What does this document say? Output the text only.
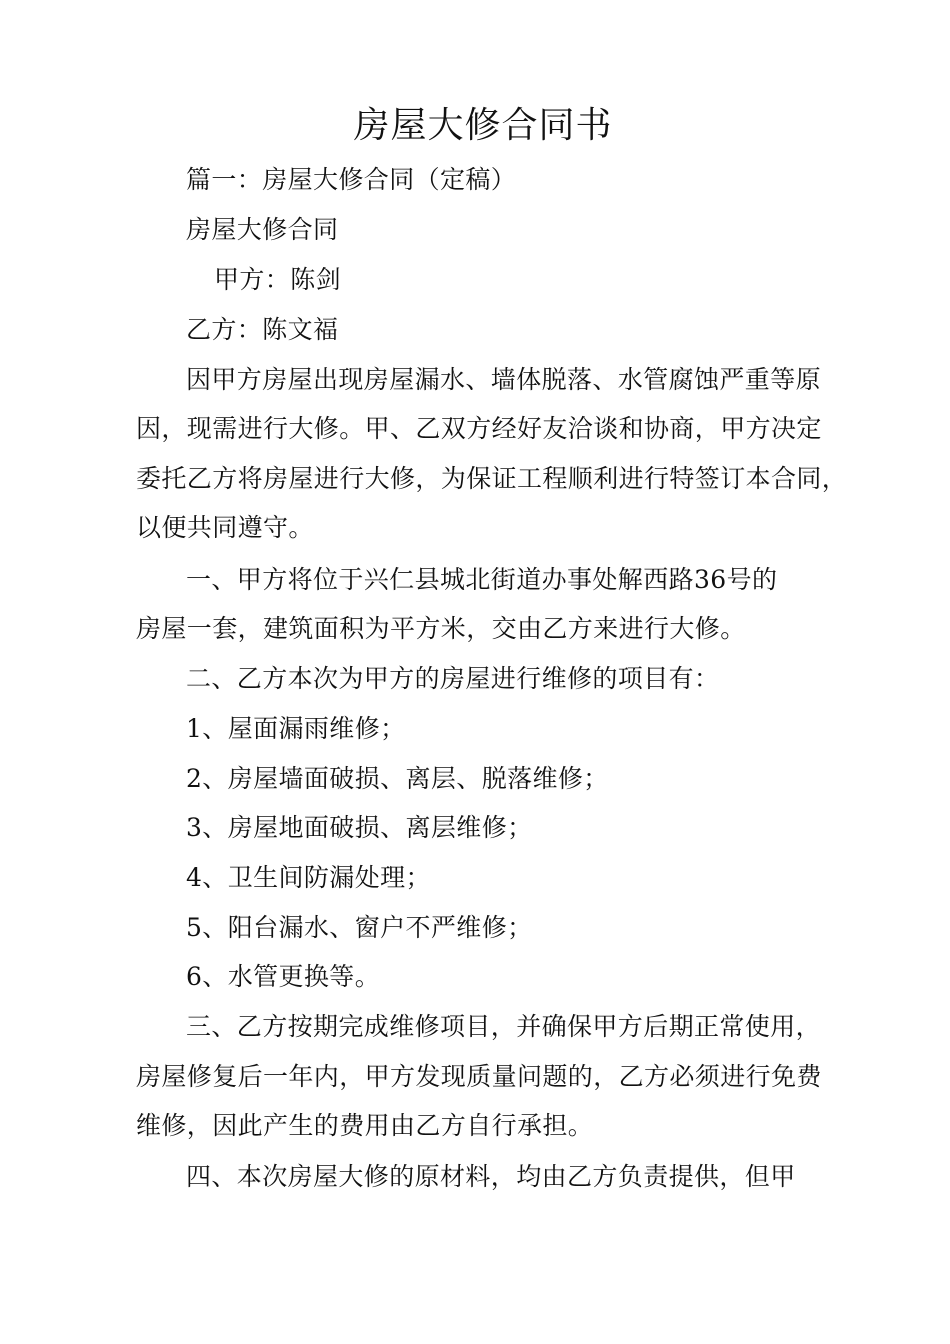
房屋大修合同书
篇一：房屋大修合同（定稿）
房屋大修合同
甲方：陈剑
乙方：陈文福
因甲方房屋出现房屋漏水、墙体脱落、水管腐蚀严重等原
因，现需进行大修。甲、乙双方经好友洽谈和协商，甲方决定
委托乙方将房屋进行大修，为保证工程顺利进行特签订本合同，
以便共同遵守。
一、甲方将位于兴仁县城北街道办事处解西路36号的
房屋一套，建筑面积为平方米，交由乙方来进行大修。
二、乙方本次为甲方的房屋进行维修的项目有：
1、屋面漏雨维修；
2、房屋墙面破损、离层、脱落维修；
3、房屋地面破损、离层维修；
4、卫生间防漏处理；
5、阳台漏水、窗户不严维修；
6、水管更换等。
三、乙方按期完成维修项目，并确保甲方后期正常使用，
房屋修复后一年内，甲方发现质量问题的，乙方必须进行免费
维修，因此产生的费用由乙方自行承担。
四、本次房屋大修的原材料，均由乙方负责提供，但甲
